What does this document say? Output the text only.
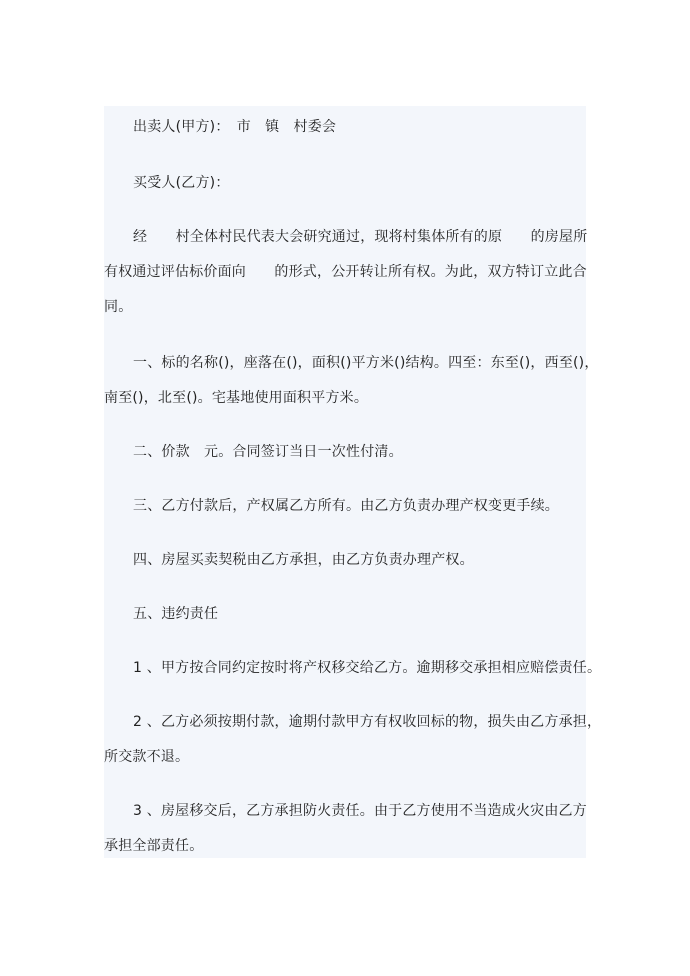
出卖人(甲方)：　市　镇　村委会
买受人(乙方)：
经　　村全体村民代表大会研究通过，现将村集体所有的原　　的房屋所
有权通过评估标价面向　　的形式，公开转让所有权。为此，双方特订立此合
同。
一、标的名称()，座落在()，面积()平方米()结构。四至：东至()，西至()，
南至()，北至()。宅基地使用面积平方米。
二、价款　元。合同签订当日一次性付清。
三、乙方付款后，产权属乙方所有。由乙方负责办理产权变更手续。
四、房屋买卖契税由乙方承担，由乙方负责办理产权。
五、违约责任
1 、甲方按合同约定按时将产权移交给乙方。逾期移交承担相应赔偿责任。
2 、乙方必须按期付款，逾期付款甲方有权收回标的物，损失由乙方承担，
所交款不退。
3 、房屋移交后，乙方承担防火责任。由于乙方使用不当造成火灾由乙方
承担全部责任。
